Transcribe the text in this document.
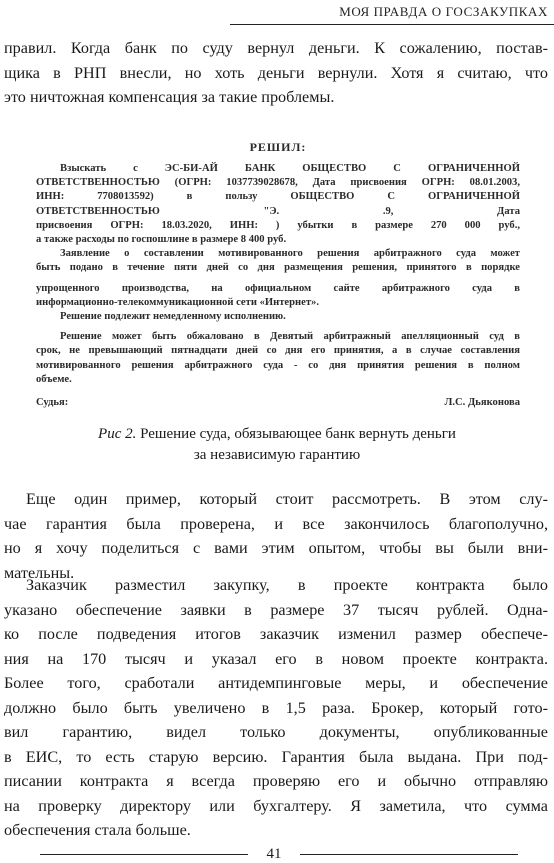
МОЯ ПРАВДА О ГОСЗАКУПКАХ
правил. Когда банк по суду вернул деньги. К сожалению, постав-
щика в РНП внесли, но хоть деньги вернули. Хотя я считаю, что
это ничтожная компенсация за такие проблемы.
РЕШИЛ:
Взыскать с ЭС-БИ-АЙ БАНК ОБЩЕСТВО С ОГРАНИЧЕННОЙ
ОТВЕТСТВЕННОСТЬЮ (ОГРН: 1037739028678, Дата присвоения ОГРН: 08.01.2003,
ИНН: 7708013592) в пользу ОБЩЕСТВО С ОГРАНИЧЕННОЙ
ОТВЕТСТВЕННОСТЬЮ "Э. .9, Дата
присвоения ОГРН: 18.03.2020, ИНН: ) убытки в размере 270 000 руб.,
а также расходы по госпошлине в размере 8 400 руб.
Заявление о составлении мотивированного решения арбитражного суда может
быть подано в течение пяти дней со дня размещения решения, принятого в порядке
упрощенного производства, на официальном сайте арбитражного суда в
информационно-телекоммуникационной сети «Интернет».
Решение подлежит немедленному исполнению.
Решение может быть обжаловано в Девятый арбитражный апелляционный суд в
срок, не превышающий пятнадцати дней со дня его принятия, а в случае составления
мотивированного решения арбитражного суда - со дня принятия решения в полном
объеме.
Судья:	Л.С. Дьяконова
Рис 2. Решение суда, обязывающее банк вернуть деньги
за независимую гарантию
Еще один пример, который стоит рассмотреть. В этом слу-
чае гарантия была проверена, и все закончилось благополучно,
но я хочу поделиться с вами этим опытом, чтобы вы были вни-
мательны.
Заказчик разместил закупку, в проекте контракта было
указано обеспечение заявки в размере 37 тысяч рублей. Одна-
ко после подведения итогов заказчик изменил размер обеспече-
ния на 170 тысяч и указал его в новом проекте контракта.
Более того, сработали антидемпинговые меры, и обеспечение
должно было быть увеличено в 1,5 раза. Брокер, который гото-
вил гарантию, видел только документы, опубликованные
в ЕИС, то есть старую версию. Гарантия была выдана. При под-
писании контракта я всегда проверяю его и обычно отправляю
на проверку директору или бухгалтеру. Я заметила, что сумма
обеспечения стала больше.
41
